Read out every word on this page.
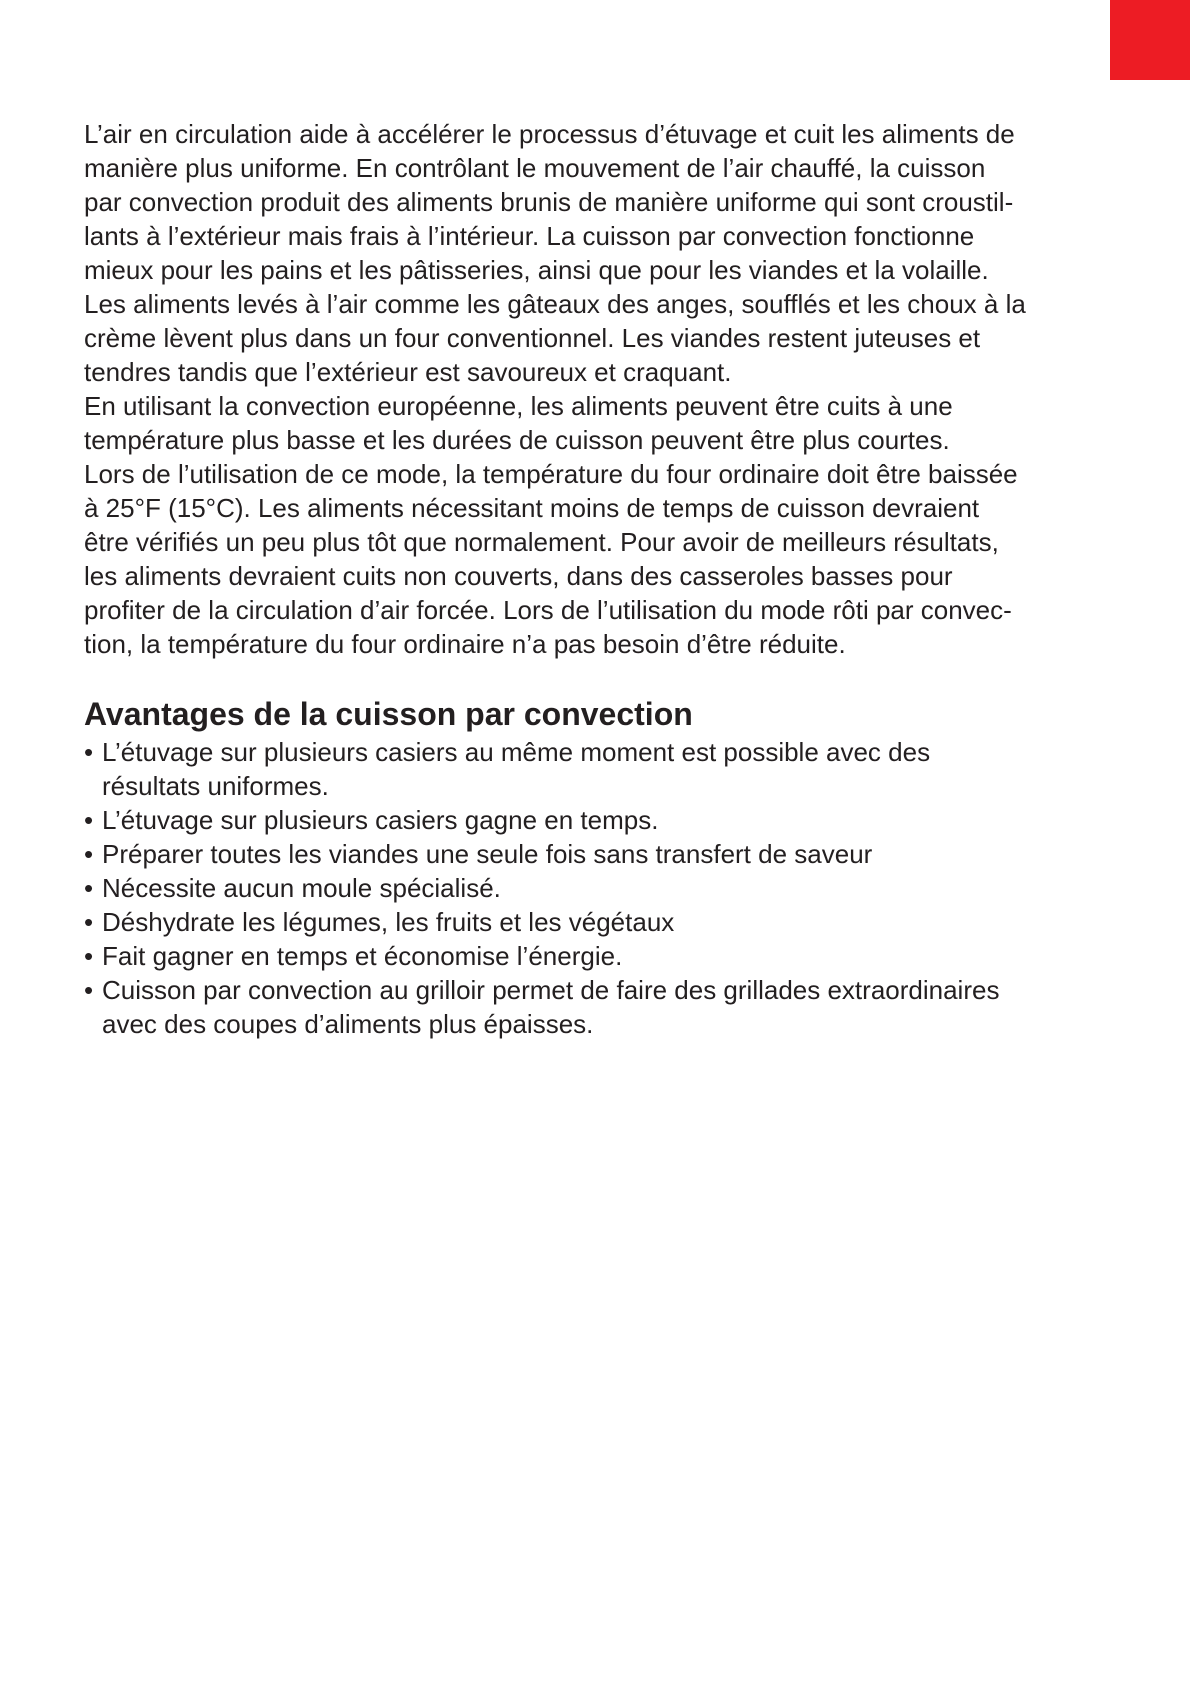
L’air en circulation aide à accélérer le processus d’étuvage et cuit les aliments de

manière plus uniforme. En contrôlant le mouvement de l’air chauffé, la cuisson

par convection produit des aliments brunis de manière uniforme qui sont croustil-

lants à l’extérieur mais frais à l’intérieur. La cuisson par convection fonctionne

mieux pour les pains et les pâtisseries, ainsi que pour les viandes et la volaille.

Les aliments levés à l’air comme les gâteaux des anges, soufflés et les choux à la

crème lèvent plus dans un four conventionnel. Les viandes restent juteuses et

tendres tandis que l’extérieur est savoureux et craquant.

En utilisant la convection européenne, les aliments peuvent être cuits à une

température plus basse et les durées de cuisson peuvent être plus courtes.

Lors de l’utilisation de ce mode, la température du four ordinaire doit être baissée

à 25°F (15°C). Les aliments nécessitant moins de temps de cuisson devraient

être vérifiés un peu plus tôt que normalement. Pour avoir de meilleurs résultats,

les aliments devraient cuits non couverts, dans des casseroles basses pour

profiter de la circulation d’air forcée. Lors de l’utilisation du mode rôti par convec-

tion, la température du four ordinaire n’a pas besoin d’être réduite.

Avantages de la cuisson par convection
• L’étuvage sur plusieurs casiers au même moment est possible avec des

résultats uniformes.

• L’étuvage sur plusieurs casiers gagne en temps.

• Préparer toutes les viandes une seule fois sans transfert de saveur

• Nécessite aucun moule spécialisé.

• Déshydrate les légumes, les fruits et les végétaux

• Fait gagner en temps et économise l’énergie.

• Cuisson par convection au grilloir permet de faire des grillades extraordinaires

avec des coupes d’aliments plus épaisses.
